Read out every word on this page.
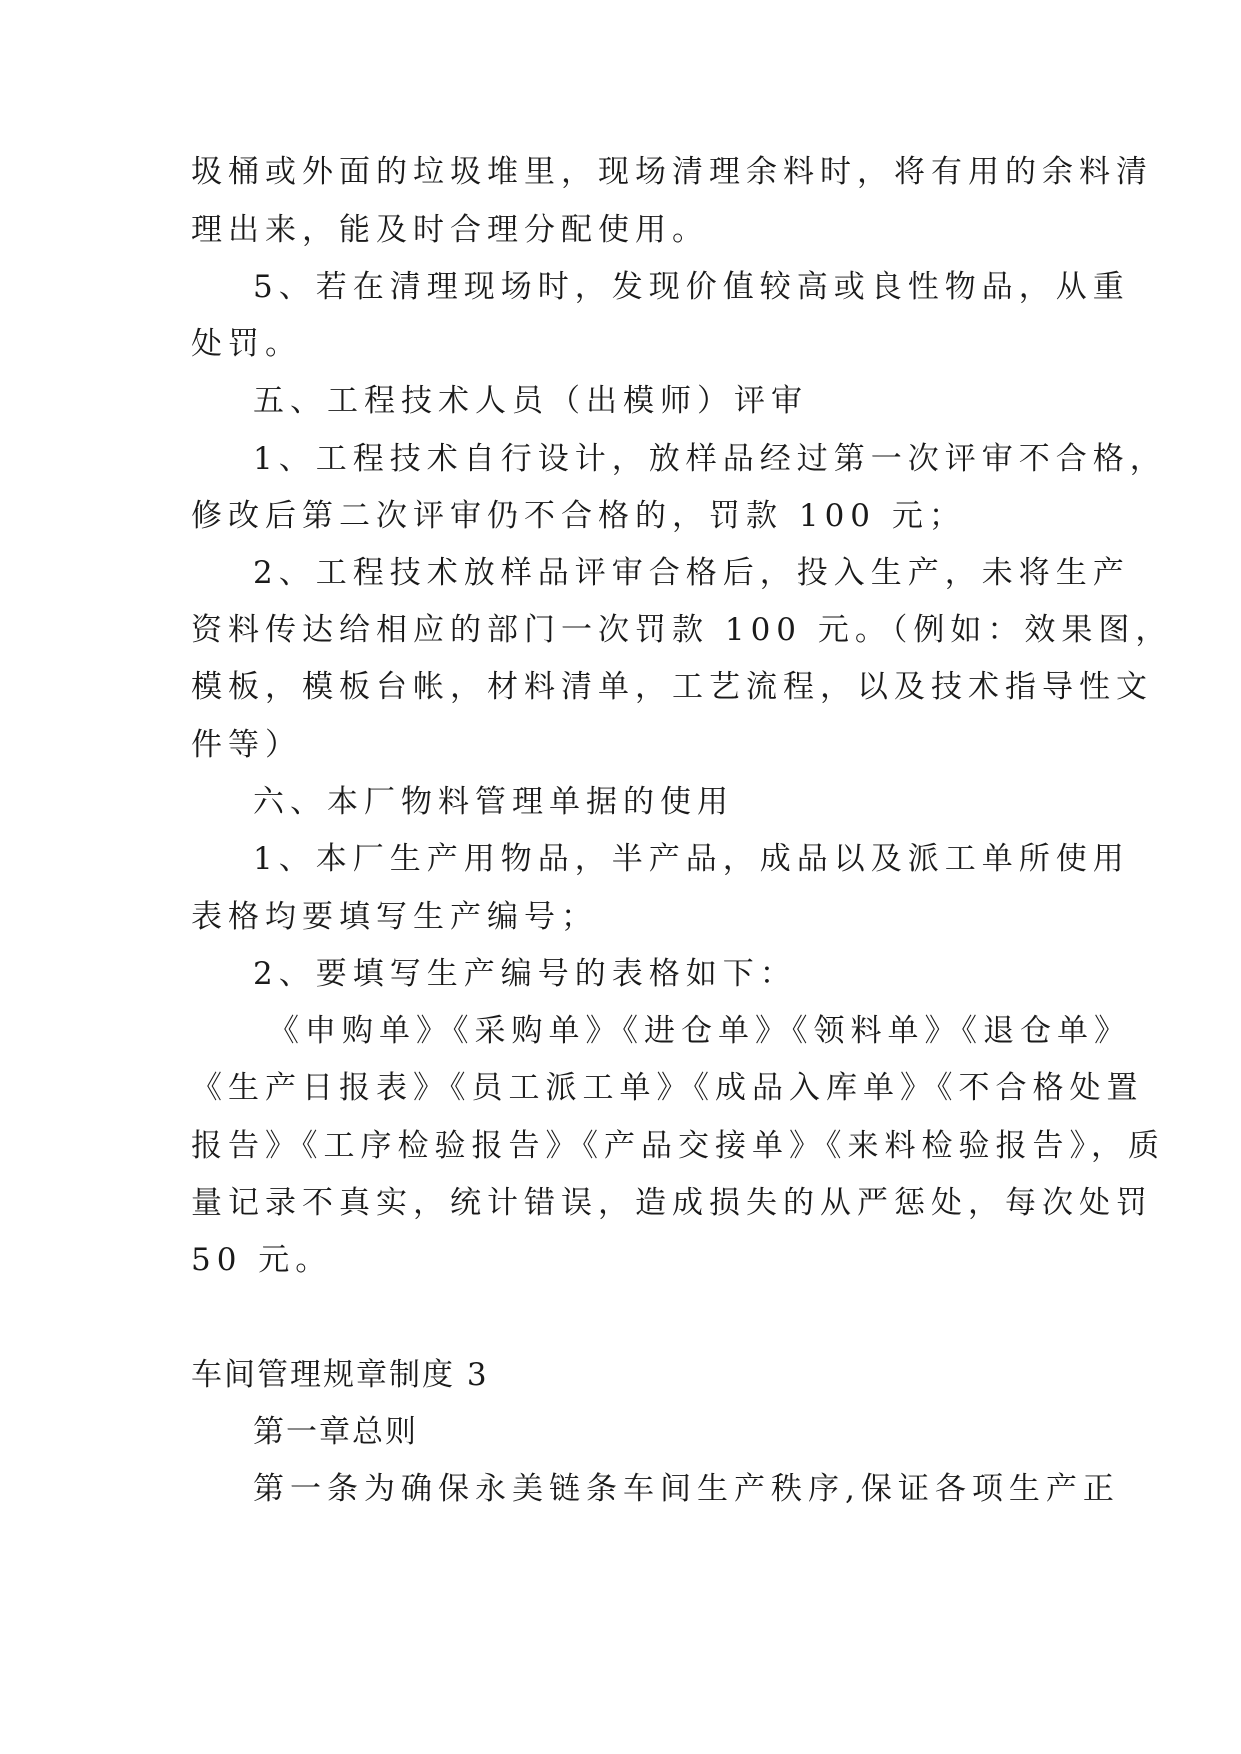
圾桶或外面的垃圾堆里，现场清理余料时，将有用的余料清
理出来，能及时合理分配使用。
5、若在清理现场时，发现价值较高或良性物品，从重
处罚。
五、工程技术人员（出模师）评审
1、工程技术自行设计，放样品经过第一次评审不合格，
修改后第二次评审仍不合格的，罚款 100 元；
2、工程技术放样品评审合格后，投入生产，未将生产
资料传达给相应的部门一次罚款 100 元。（例如：效果图，
模板，模板台帐，材料清单，工艺流程，以及技术指导性文
件等）
六、本厂物料管理单据的使用
1、本厂生产用物品，半产品，成品以及派工单所使用
表格均要填写生产编号；
2、要填写生产编号的表格如下：
《申购单》《采购单》《进仓单》《领料单》《退仓单》
《生产日报表》《员工派工单》《成品入库单》《不合格处置
报告》《工序检验报告》《产品交接单》《来料检验报告》，质
量记录不真实，统计错误，造成损失的从严惩处，每次处罚
50 元。
车间管理规章制度 3
第一章总则
第一条为确保永美链条车间生产秩序,保证各项生产正
